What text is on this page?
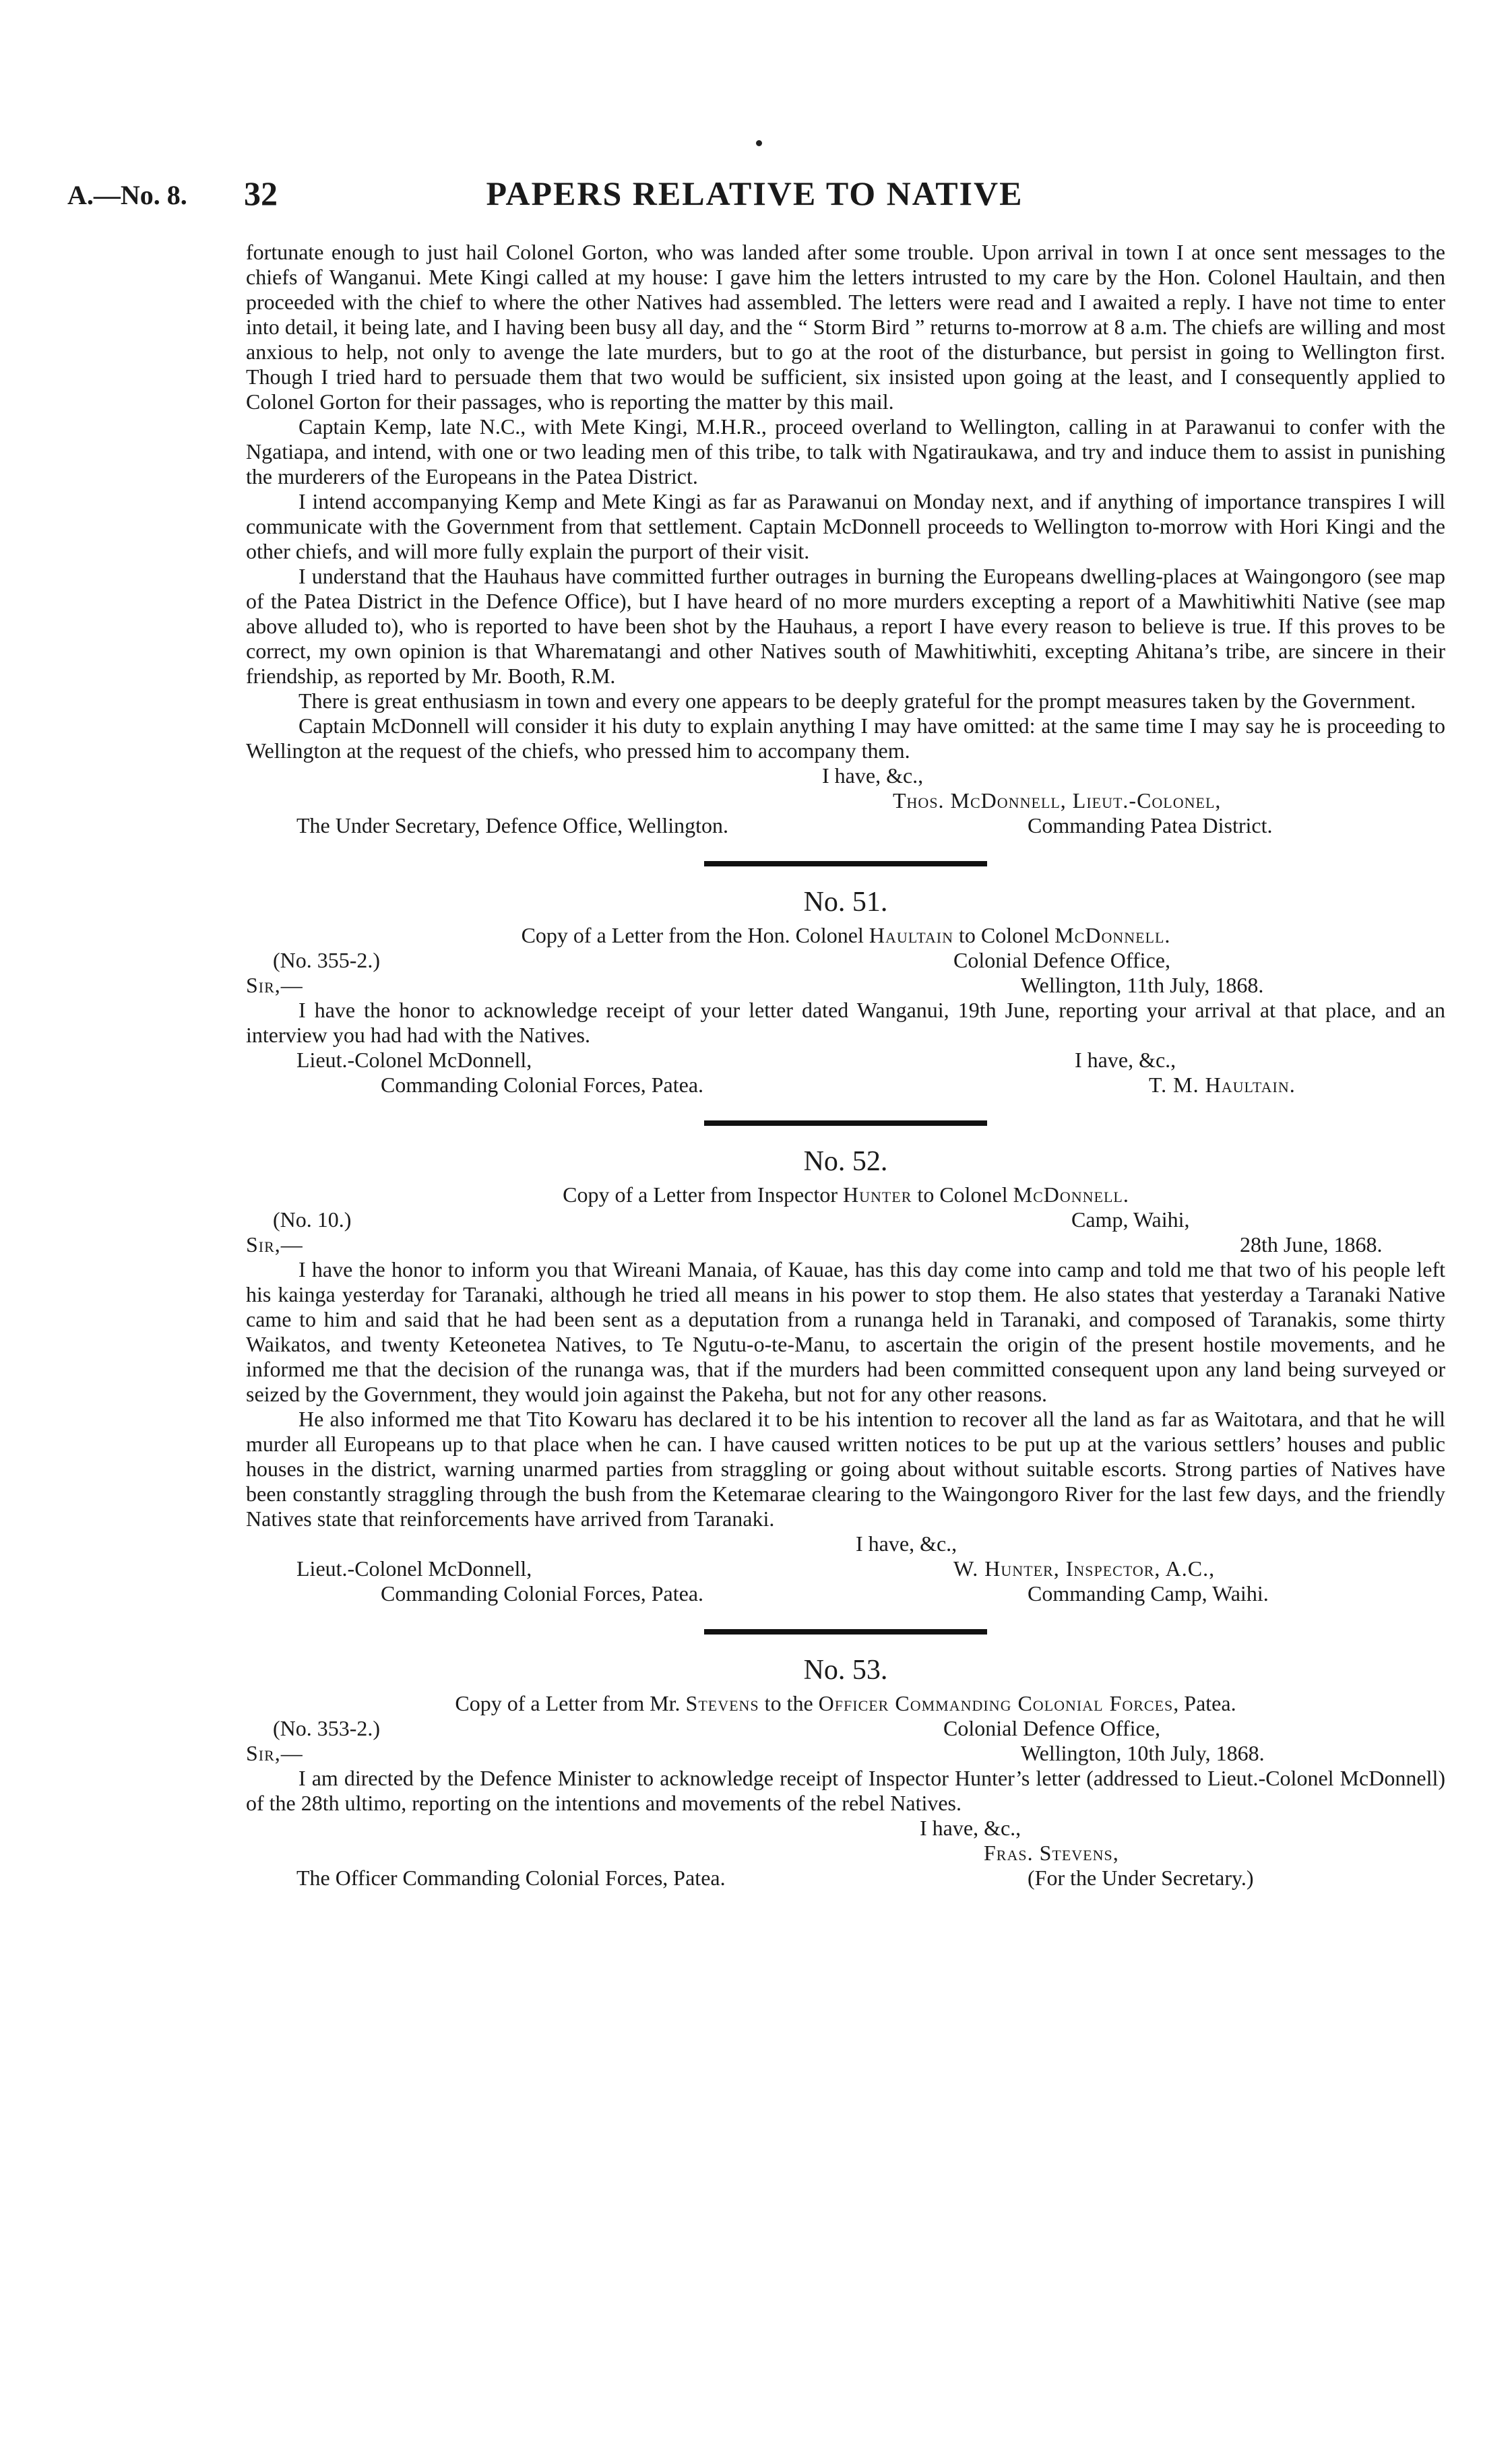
A.—No. 8. 32	PAPERS RELATIVE TO NATIVE

fortunate enough to just hail Colonel Gorton, who was landed after some trouble. Upon arrival in town I at once sent messages to the chiefs of Wanganui. Mete Kingi called at my house: I gave him the letters intrusted to my care by the Hon. Colonel Haultain, and then proceeded with the chief to where the other Natives had assembled. The letters were read and I awaited a reply. I have not time to enter into detail, it being late, and I having been busy all day, and the “ Storm Bird ” returns to-morrow at 8 a.m. The chiefs are willing and most anxious to help, not only to avenge the late murders, but to go at the root of the disturbance, but persist in going to Wellington first. Though I tried hard to persuade them that two would be sufficient, six insisted upon going at the least, and I consequently applied to Colonel Gorton for their passages, who is reporting the matter by this mail.

Captain Kemp, late N.C., with Mete Kingi, M.H.R., proceed overland to Wellington, calling in at Parawanui to confer with the Ngatiapa, and intend, with one or two leading men of this tribe, to talk with Ngatiraukawa, and try and induce them to assist in punishing the murderers of the Europeans in the Patea District.

I intend accompanying Kemp and Mete Kingi as far as Parawanui on Monday next, and if anything of importance transpires I will communicate with the Government from that settlement. Captain McDonnell proceeds to Wellington to-morrow with Hori Kingi and the other chiefs, and will more fully explain the purport of their visit.

I understand that the Hauhaus have committed further outrages in burning the Europeans dwelling-places at Waingongoro (see map of the Patea District in the Defence Office), but I have heard of no more murders excepting a report of a Mawhitiwhiti Native (see map above alluded to), who is reported to have been shot by the Hauhaus, a report I have every reason to believe is true. If this proves to be correct, my own opinion is that Wharematangi and other Natives south of Mawhitiwhiti, excepting Ahitana’s tribe, are sincere in their friendship, as reported by Mr. Booth, R.M.

There is great enthusiasm in town and every one appears to be deeply grateful for the prompt measures taken by the Government.

Captain McDonnell will consider it his duty to explain anything I may have omitted: at the same time I may say he is proceeding to Wellington at the request of the chiefs, who pressed him to accompany them.

I have, &c.,
Thos. McDonnell, Lieut.-Colonel,
The Under Secretary, Defence Office, Wellington.	Commanding Patea District.
No. 51.
Copy of a Letter from the Hon. Colonel Haultain to Colonel McDonnell.
(No. 355-2.)	Colonial Defence Office,
Sir,—	Wellington, 11th July, 1868.

I have the honor to acknowledge receipt of your letter dated Wanganui, 19th June, reporting your arrival at that place, and an interview you had had with the Natives.

Lieut.-Colonel McDonnell,	I have, &c.,
Commanding Colonial Forces, Patea.	T. M. Haultain.
No. 52.
Copy of a Letter from Inspector Hunter to Colonel McDonnell.
(No. 10.)	Camp, Waihi,
Sir,—	28th June, 1868.

I have the honor to inform you that Wireani Manaia, of Kauae, has this day come into camp and told me that two of his people left his kainga yesterday for Taranaki, although he tried all means in his power to stop them. He also states that yesterday a Taranaki Native came to him and said that he had been sent as a deputation from a runanga held in Taranaki, and composed of Taranakis, some thirty Waikatos, and twenty Keteonetea Natives, to Te Ngutu-o-te-Manu, to ascertain the origin of the present hostile movements, and he informed me that the decision of the runanga was, that if the murders had been committed consequent upon any land being surveyed or seized by the Government, they would join against the Pakeha, but not for any other reasons.

He also informed me that Tito Kowaru has declared it to be his intention to recover all the land as far as Waitotara, and that he will murder all Europeans up to that place when he can. I have caused written notices to be put up at the various settlers’ houses and public houses in the district, warning unarmed parties from straggling or going about without suitable escorts. Strong parties of Natives have been constantly straggling through the bush from the Ketemarae clearing to the Waingongoro River for the last few days, and the friendly Natives state that reinforcements have arrived from Taranaki.

I have, &c.,
Lieut.-Colonel McDonnell,	W. Hunter, Inspector, A.C.,
Commanding Colonial Forces, Patea.	Commanding Camp, Waihi.
No. 53.
Copy of a Letter from Mr. Stevens to the Officer Commanding Colonial Forces, Patea.
(No. 353-2.)	Colonial Defence Office,
Sir,—	Wellington, 10th July, 1868.

I am directed by the Defence Minister to acknowledge receipt of Inspector Hunter’s letter (addressed to Lieut.-Colonel McDonnell) of the 28th ultimo, reporting on the intentions and movements of the rebel Natives.

I have, &c.,
Fras. Stevens,
The Officer Commanding Colonial Forces, Patea.	(For the Under Secretary.)
